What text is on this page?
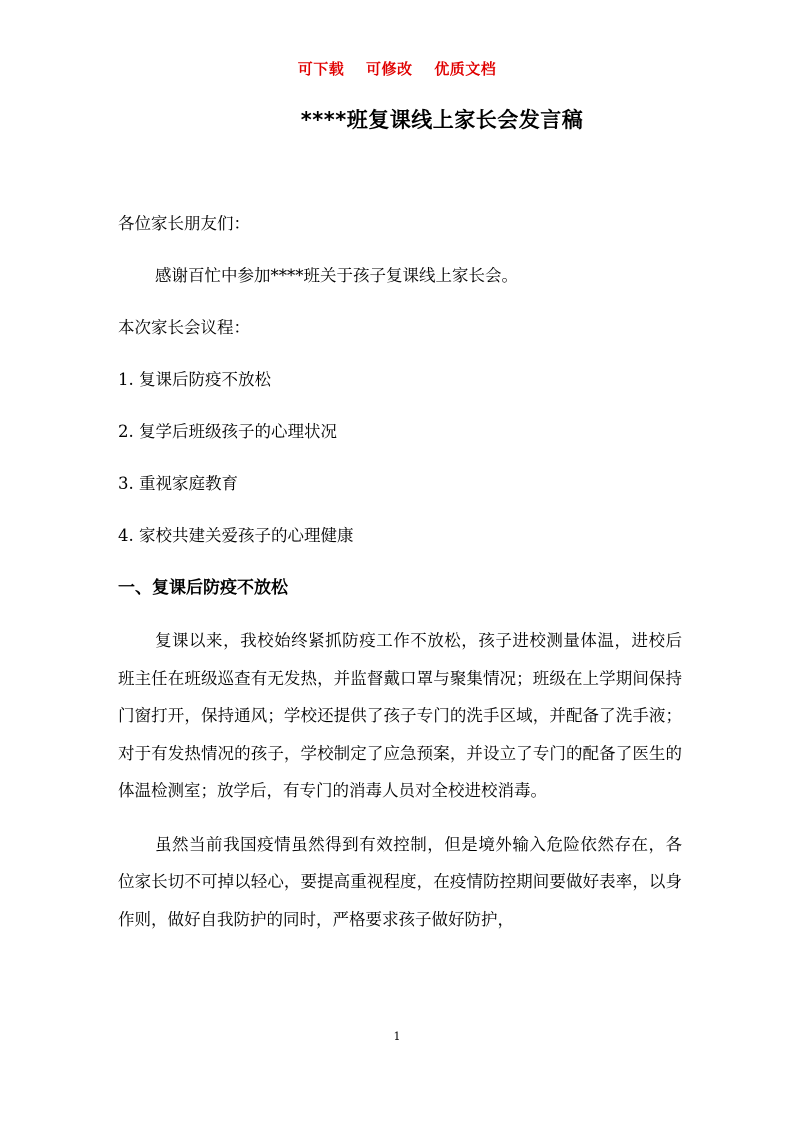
可下载 可修改 优质文档
****班复课线上家长会发言稿

各位家长朋友们：

感谢百忙中参加****班关于孩子复课线上家长会。

本次家长会议程：

1. 复课后防疫不放松

2. 复学后班级孩子的心理状况

3. 重视家庭教育

4. 家校共建关爱孩子的心理健康

一、复课后防疫不放松

复课以来，我校始终紧抓防疫工作不放松，孩子进校测量体温，进校后班主任在班级巡查有无发热，并监督戴口罩与聚集情况；班级在上学期间保持门窗打开，保持通风；学校还提供了孩子专门的洗手区域，并配备了洗手液；对于有发热情况的孩子，学校制定了应急预案，并设立了专门的配备了医生的体温检测室；放学后，有专门的消毒人员对全校进校消毒。

虽然当前我国疫情虽然得到有效控制，但是境外输入危险依然存在，各位家长切不可掉以轻心，要提高重视程度，在疫情防控期间要做好表率，以身作则，做好自我防护的同时，严格要求孩子做好防护，

1
